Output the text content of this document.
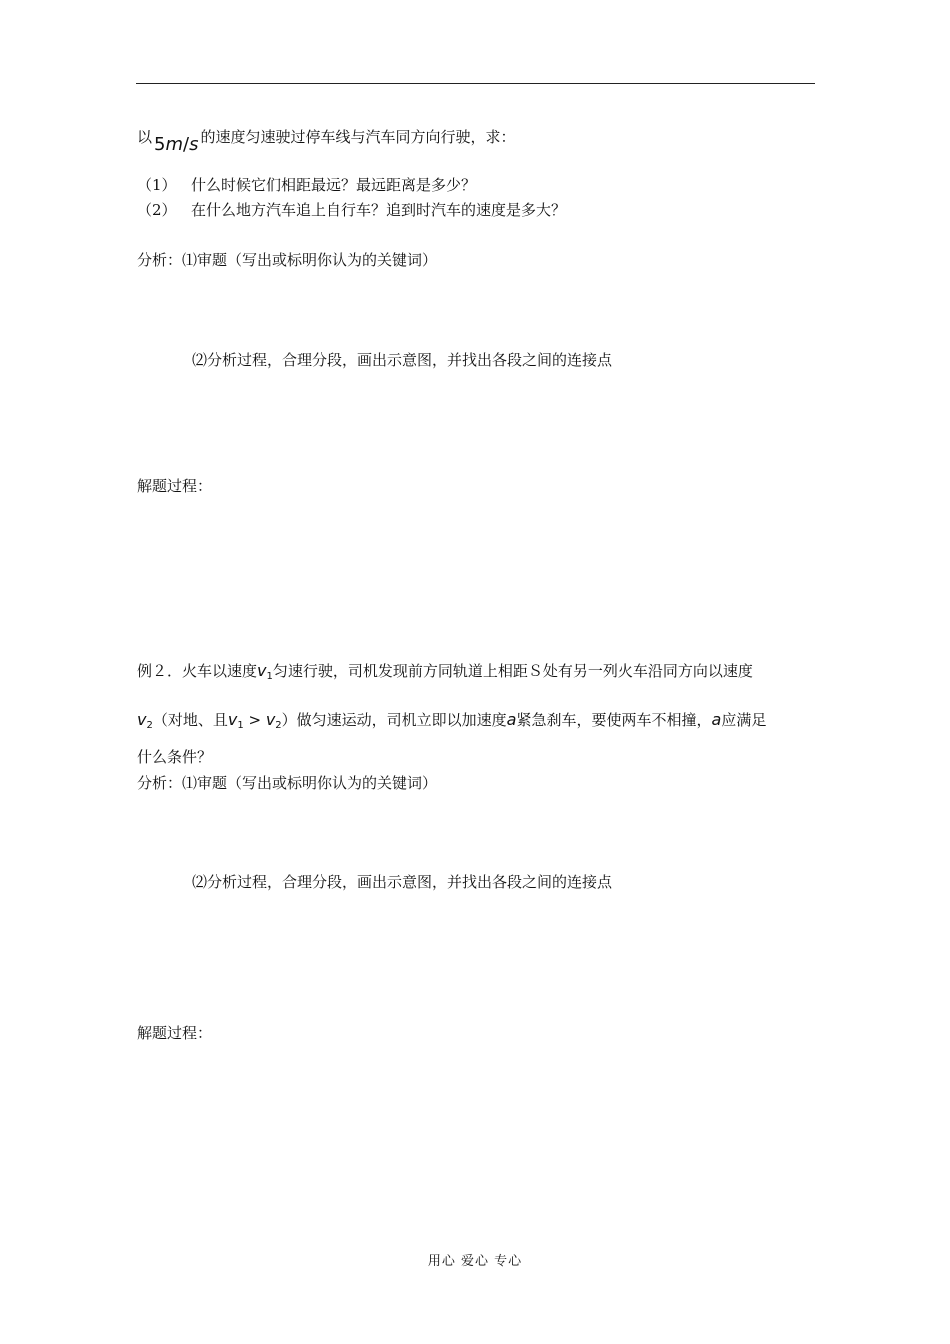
以 5m/s 的速度匀速驶过停车线与汽车同方向行驶，求：
（1） 什么时候它们相距最远？最远距离是多少？
（2） 在什么地方汽车追上自行车？追到时汽车的速度是多大？
分析：⑴审题（写出或标明你认为的关键词）
⑵分析过程，合理分段，画出示意图，并找出各段之间的连接点
解题过程：
例２．火车以速度$v_1$匀速行驶，司机发现前方同轨道上相距Ｓ处有另一列火车沿同方向以速度
$v_2$（对地、且$v_1 > v_2$）做匀速运动，司机立即以加速度a紧急刹车，要使两车不相撞，a应满足
什么条件？
分析：⑴审题（写出或标明你认为的关键词）
⑵分析过程，合理分段，画出示意图，并找出各段之间的连接点
解题过程：
用心 爱心 专心
